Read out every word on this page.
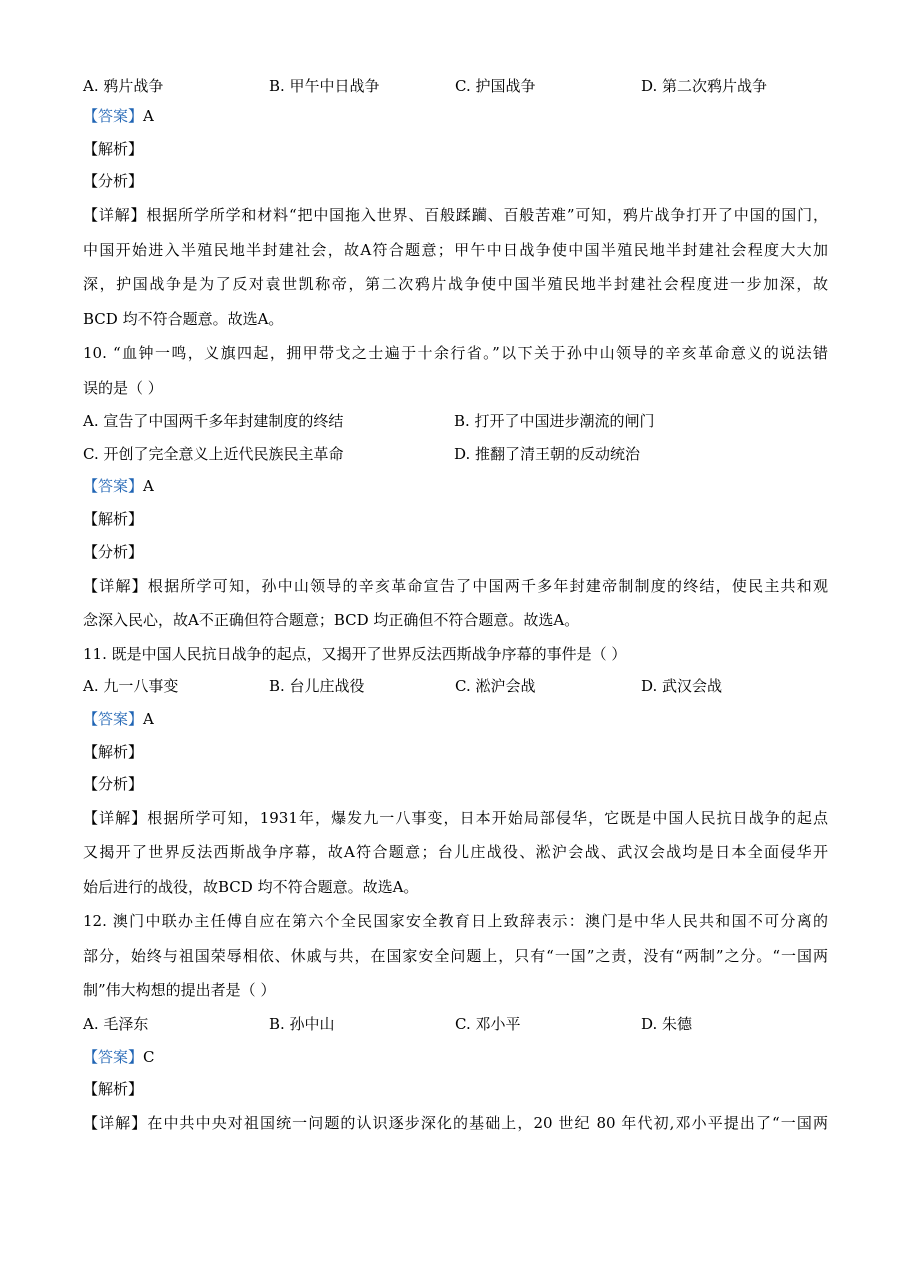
A. 鸦片战争	B. 甲午中日战争	C. 护国战争	D. 第二次鸦片战争
【答案】A
【解析】
【分析】
【详解】根据所学所学和材料“把中国拖入世界、百般蹂躏、百般苦难”可知，鸦片战争打开了中国的国门，
中国开始进入半殖民地半封建社会，故A符合题意；甲午中日战争使中国半殖民地半封建社会程度大大加
深，护国战争是为了反对袁世凯称帝，第二次鸦片战争使中国半殖民地半封建社会程度进一步加深，故
BCD 均不符合题意。故选A。
10. “血钟一鸣，义旗四起，拥甲带戈之士遍于十余行省。”以下关于孙中山领导的辛亥革命意义的说法错
误的是（ ）
A. 宣告了中国两千多年封建制度的终结	B. 打开了中国进步潮流的闸门
C. 开创了完全意义上近代民族民主革命	D. 推翻了清王朝的反动统治
【答案】A
【解析】
【分析】
【详解】根据所学可知，孙中山领导的辛亥革命宣告了中国两千多年封建帝制制度的终结，使民主共和观
念深入民心，故A不正确但符合题意；BCD 均正确但不符合题意。故选A。
11. 既是中国人民抗日战争的起点，又揭开了世界反法西斯战争序幕的事件是（ ）
A. 九一八事变	B. 台儿庄战役	C. 淞沪会战	D. 武汉会战
【答案】A
【解析】
【分析】
【详解】根据所学可知，1931年，爆发九一八事变，日本开始局部侵华，它既是中国人民抗日战争的起点
又揭开了世界反法西斯战争序幕，故A符合题意；台儿庄战役、淞沪会战、武汉会战均是日本全面侵华开
始后进行的战役，故BCD 均不符合题意。故选A。
12. 澳门中联办主任傅自应在第六个全民国家安全教育日上致辞表示：澳门是中华人民共和国不可分离的
部分，始终与祖国荣辱相依、休戚与共，在国家安全问题上，只有“一国”之责，没有“两制”之分。“一国两
制”伟大构想的提出者是（ ）
A. 毛泽东	B. 孙中山	C. 邓小平	D. 朱德
【答案】C
【解析】
【详解】在中共中央对祖国统一问题的认识逐步深化的基础上，20 世纪 80 年代初,邓小平提出了“一国两
